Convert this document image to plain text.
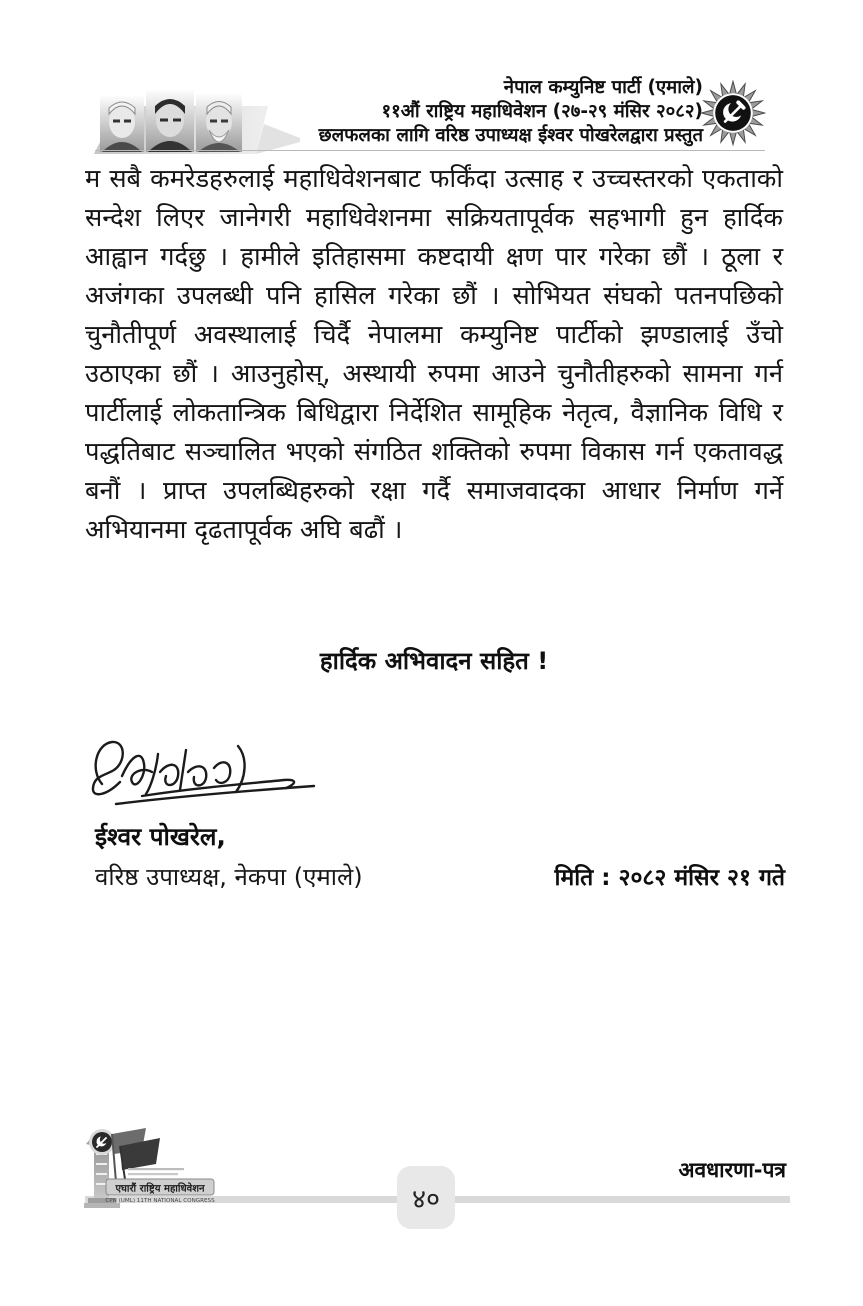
नेपाल कम्युनिष्ट पार्टी (एमाले)
११औं राष्ट्रिय महाधिवेशन (२७-२९ मंसिर २०८२)
छलफलका लागि वरिष्ठ उपाध्यक्ष ईश्वर पोखरेलद्वारा प्रस्तुत
म सबै कमरेडहरुलाई महाधिवेशनबाट फर्किंदा उत्साह र उच्चस्तरको एकताको सन्देश लिएर जानेगरी महाधिवेशनमा सक्रियतापूर्वक सहभागी हुन हार्दिक आह्वान गर्दछु । हामीले इतिहासमा कष्टदायी क्षण पार गरेका छौं । ठूला र अजंगका उपलब्धी पनि हासिल गरेका छौं । सोभियत संघको पतनपछिको चुनौतीपूर्ण अवस्थालाई चिर्दै नेपालमा कम्युनिष्ट पार्टीको झण्डालाई उँचो उठाएका छौं । आउनुहोस्, अस्थायी रुपमा आउने चुनौतीहरुको सामना गर्न पार्टीलाई लोकतान्त्रिक बिधिद्वारा निर्देशित सामूहिक नेतृत्व, वैज्ञानिक विधि र पद्धतिबाट सञ्चालित भएको संगठित शक्तिको रुपमा विकास गर्न एकतावद्ध बनौं । प्राप्त उपलब्धिहरुको रक्षा गर्दै समाजवादका आधार निर्माण गर्ने अभियानमा दृढतापूर्वक अघि बढौं ।
हार्दिक अभिवादन सहित !
ईश्वर पोखरेल,
वरिष्ठ उपाध्यक्ष, नेकपा (एमाले)	मिति : २०८२ मंसिर २१ गते
एघारौं राष्ट्रिय महाधिवेशन
CPN (UML) 11TH NATIONAL CONGRESS	४०
अवधारणा-पत्र
